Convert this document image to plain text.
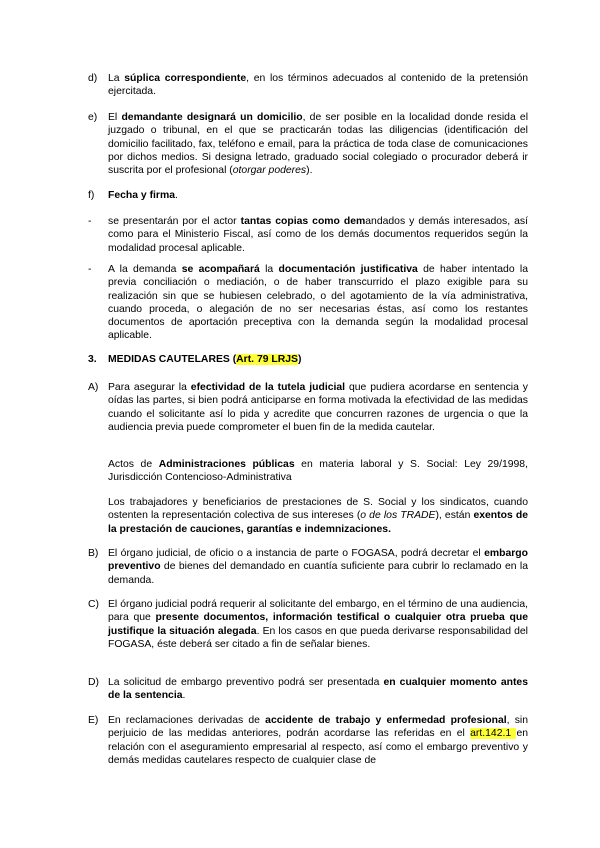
d) La súplica correspondiente, en los términos adecuados al contenido de la pretensión ejercitada.
e) El demandante designará un domicilio, de ser posible en la localidad donde resida el juzgado o tribunal, en el que se practicarán todas las diligencias (identificación del domicilio facilitado, fax, teléfono e email, para la práctica de toda clase de comunicaciones por dichos medios. Si designa letrado, graduado social colegiado o procurador deberá ir suscrita por el profesional (otorgar poderes).
f) Fecha y firma.
- se presentarán por el actor tantas copias como demandados y demás interesados, así como para el Ministerio Fiscal, así como de los demás documentos requeridos según la modalidad procesal aplicable.
- A la demanda se acompañará la documentación justificativa de haber intentado la previa conciliación o mediación, o de haber transcurrido el plazo exigible para su realización sin que se hubiesen celebrado, o del agotamiento de la vía administrativa, cuando proceda, o alegación de no ser necesarias éstas, así como los restantes documentos de aportación preceptiva con la demanda según la modalidad procesal aplicable.
3. MEDIDAS CAUTELARES (Art. 79 LRJS)
A) Para asegurar la efectividad de la tutela judicial que pudiera acordarse en sentencia y oídas las partes, si bien podrá anticiparse en forma motivada la efectividad de las medidas cuando el solicitante así lo pida y acredite que concurren razones de urgencia o que la audiencia previa puede comprometer el buen fin de la medida cautelar.
Actos de Administraciones públicas en materia laboral y S. Social: Ley 29/1998, Jurisdicción Contencioso-Administrativa
Los trabajadores y beneficiarios de prestaciones de S. Social y los sindicatos, cuando ostenten la representación colectiva de sus intereses (o de los TRADE), están exentos de la prestación de cauciones, garantías e indemnizaciones.
B) El órgano judicial, de oficio o a instancia de parte o FOGASA, podrá decretar el embargo preventivo de bienes del demandado en cuantía suficiente para cubrir lo reclamado en la demanda.
C) El órgano judicial podrá requerir al solicitante del embargo, en el término de una audiencia, para que presente documentos, información testifical o cualquier otra prueba que justifique la situación alegada. En los casos en que pueda derivarse responsabilidad del FOGASA, éste deberá ser citado a fin de señalar bienes.
D) La solicitud de embargo preventivo podrá ser presentada en cualquier momento antes de la sentencia.
E) En reclamaciones derivadas de accidente de trabajo y enfermedad profesional, sin perjuicio de las medidas anteriores, podrán acordarse las referidas en el art.142.1 en relación con el aseguramiento empresarial al respecto, así como el embargo preventivo y demás medidas cautelares respecto de cualquier clase de
